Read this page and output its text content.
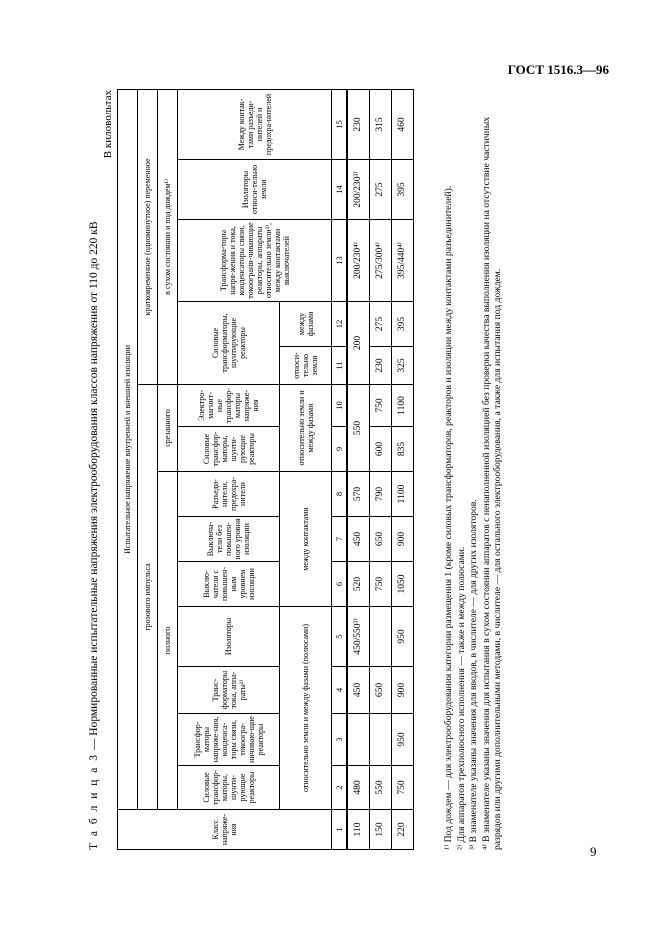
ГОСТ 1516.3—96
Т а б л и ц а 3 — Нормированные испытательные напряжения электрооборудования классов напряжения от 110 до 220 кВ
В киловольтах
Класс напряже-ния	Испытательное напряжение внутренней и внешней изоляции													
	грозового импульса									кратковременное (одноминутное) переменное				
	полного							срезанного		в сухом состоянии и под дождем¹⁾				
	Силовые трансфор-маторы, шунти-рующие реакторы	Трансфор-маторы напряже-ния, конденса-торы связи, токоогра-ничиваю-щие реакторы	Транс-форматоры тока, аппа-раты²⁾	Изоляторы	Выклю-чатели с повышен-ным уровнем изоляции	Выключа-тели без повышен-ного уровня изоляции	Разъеди-нители, предохра-нители	Силовые трансфор-маторы, шунти-рующие реакторы	Электро-магнит-ные трансфор-маторы напряже-ния	Силовые трансформаторы, шунтирующие реакторы		Трансформа-торы напря-жения и тока, конденсаторы связи, токоограни-чивающие реакторы, аппараты относительно земли²⁾, между контактами выключателей	Изоляторы относи-тельно земли	Между контак-тами разъеди-нителей и предохра-нителей
	относительно земли и между фазами (полюсами)				между контактами			относительно земли и между фазами		относи-тельно земли	между фазами			
1	2	3	4	5	6	7	8	9	10	11	12	13	14	15
110	480		450	450/550³⁾	520	450	570	550		200		200/230⁴⁾	200/230³⁾	230
150	550		650		750	650	790	600	750	230	275	275/300⁴⁾	275	315
220	750	950	900	950	1050	900	1100	835	1100	325	395	395/440⁴⁾	395	460

¹⁾ Под дождем — для электрооборудования категории размещения 1 (кроме силовых трансформаторов, реакторов и изоляции между контактами разъединителей). ²⁾ Для аппаратов трехполюсного исполнения — также и между полюсами. ³⁾ В знаменателе указаны значения для вводов, в числителе — для других изоляторов. ⁴⁾ В знаменателе указаны значения для испытания в сухом состоянии аппаратов с ненаполненной изоляцией без проверки качества выполнения изоляции на отсутствие частичных разрядов или другими дополнительными методами, в числителе — для остального электрооборудования, а также для испытания под дождем.

9
